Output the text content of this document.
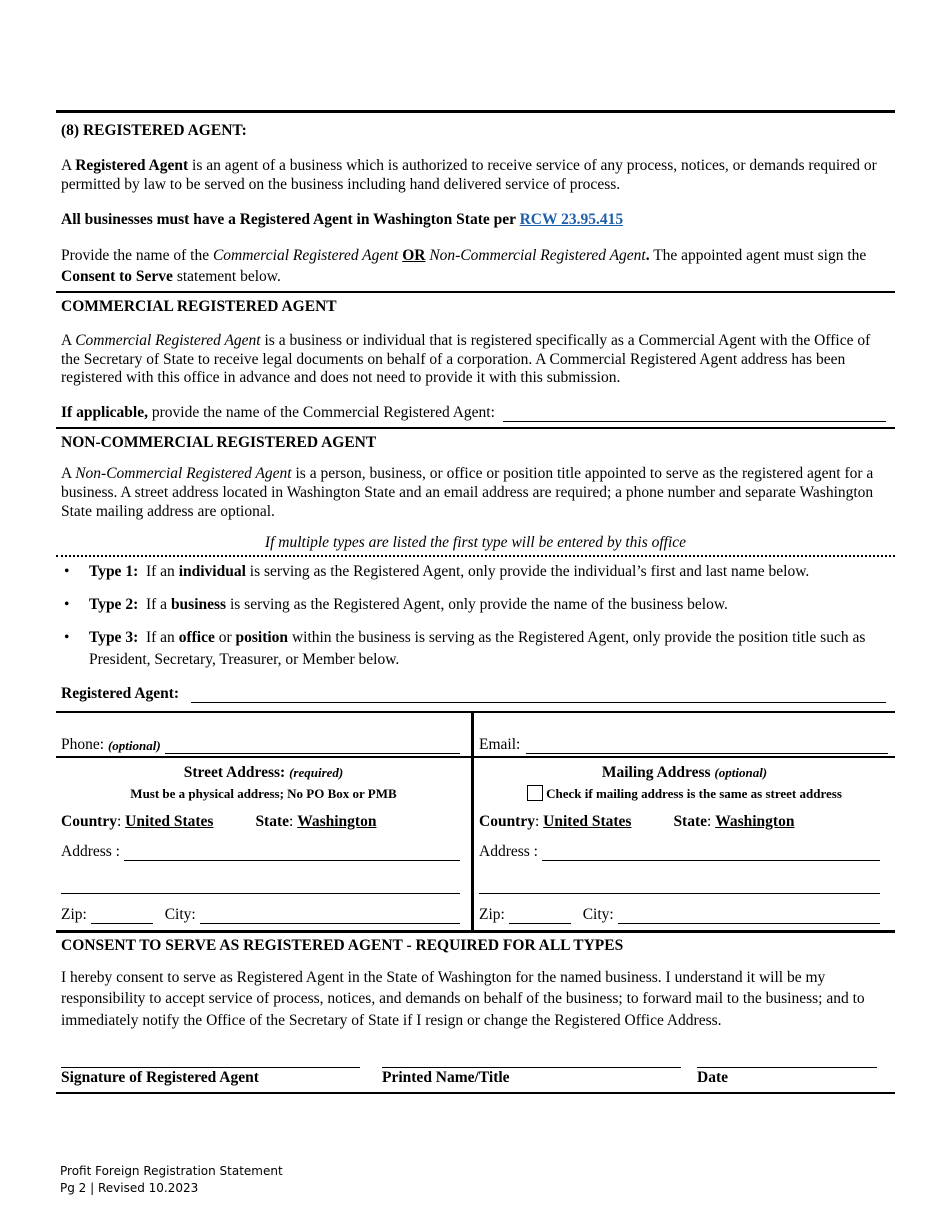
(8) REGISTERED AGENT:

A Registered Agent is an agent of a business which is authorized to receive service of any process, notices, or demands required or permitted by law to be served on the business including hand delivered service of process.

All businesses must have a Registered Agent in Washington State per RCW 23.95.415

Provide the name of the Commercial Registered Agent OR Non-Commercial Registered Agent. The appointed agent must sign the Consent to Serve statement below.

COMMERCIAL REGISTERED AGENT

A Commercial Registered Agent is a business or individual that is registered specifically as a Commercial Agent with the Office of the Secretary of State to receive legal documents on behalf of a corporation. A Commercial Registered Agent address has been registered with this office in advance and does not need to provide it with this submission.

If applicable, provide the name of the Commercial Registered Agent:

NON-COMMERCIAL REGISTERED AGENT

A Non-Commercial Registered Agent is a person, business, or office or position title appointed to serve as the registered agent for a business. A street address located in Washington State and an email address are required; a phone number and separate Washington State mailing address are optional.

If multiple types are listed the first type will be entered by this office

• Type 1:  If an individual is serving as the Registered Agent, only provide the individual’s first and last name below.
• Type 2:  If a business is serving as the Registered Agent, only provide the name of the business below.
• Type 3:  If an office or position within the business is serving as the Registered Agent, only provide the position title such as President, Secretary, Treasurer, or Member below.
Registered Agent:
Phone: (optional)

Street Address: (required)

Must be a physical address; No PO Box or PMB

Country : United States	State : Washington
Address :
Zip:	City:
Email:

Mailing Address (optional)

Check if mailing address is the same as street address

Country : United States	State : Washington
Address :
Zip:	City:

CONSENT TO SERVE AS REGISTERED AGENT - REQUIRED FOR ALL TYPES

I hereby consent to serve as Registered Agent in the State of Washington for the named business. I understand it will be my responsibility to accept service of process, notices, and demands on behalf of the business; to forward mail to the business; and to immediately notify the Office of the Secretary of State if I resign or change the Registered Office Address.

Signature of Registered Agent	Printed Name/Title	Date
Profit Foreign Registration Statement
Pg 2 | Revised 10.2023
